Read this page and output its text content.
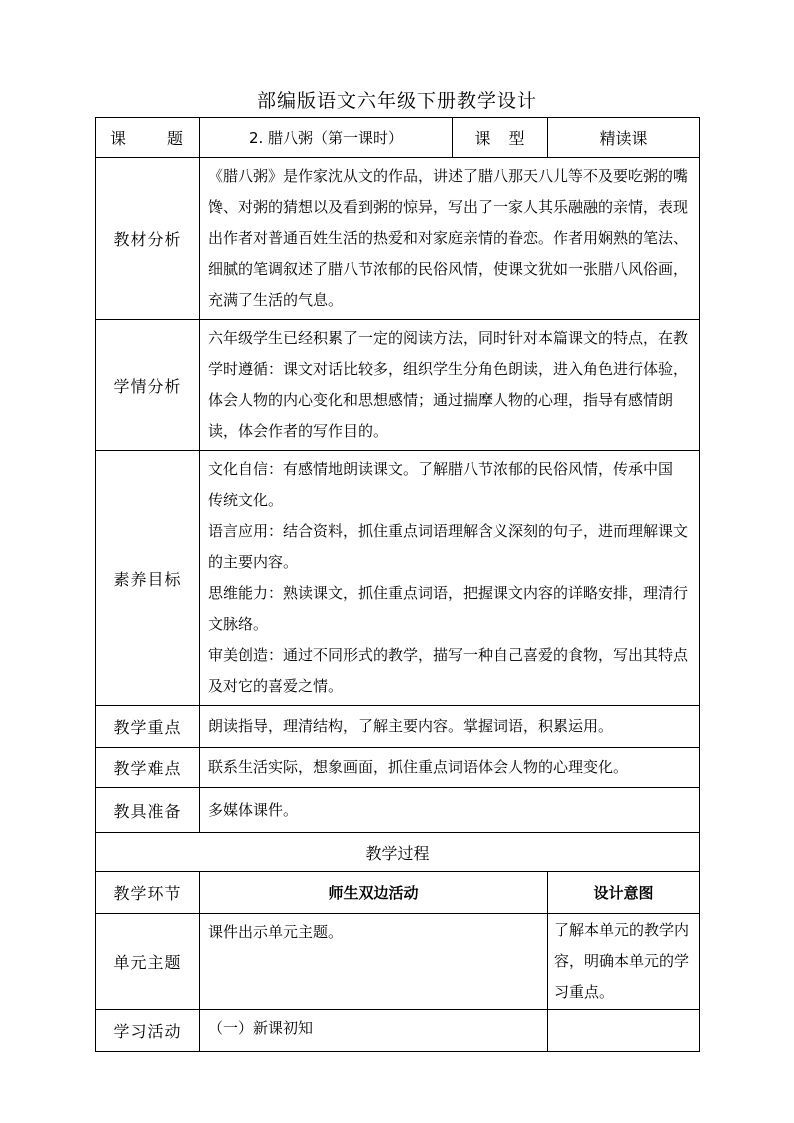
部编版语文六年级下册教学设计
课　　题	2. 腊八粥（第一课时）	课　型	精读课
教材分析	《腊八粥》是作家沈从文的作品，讲述了腊八那天八儿等不及要吃粥的嘴馋、对粥的猜想以及看到粥的惊异，写出了一家人其乐融融的亲情，表现出作者对普通百姓生活的热爱和对家庭亲情的眷恋。作者用娴熟的笔法、细腻的笔调叙述了腊八节浓郁的民俗风情，使课文犹如一张腊八风俗画，充满了生活的气息。		
学情分析	六年级学生已经积累了一定的阅读方法，同时针对本篇课文的特点，在教学时遵循：课文对话比较多，组织学生分角色朗读，进入角色进行体验，体会人物的内心变化和思想感情；通过揣摩人物的心理，指导有感情朗读，体会作者的写作目的。		
素养目标	文化自信：有感情地朗读课文。了解腊八节浓郁的民俗风情，传承中国 传统文化。

语言应用：结合资料，抓住重点词语理解含义深刻的句子，进而理解课文的主要内容。

思维能力：熟读课文，抓住重点词语，把握课文内容的详略安排，理清行文脉络。

审美创造：通过不同形式的教学，描写一种自己喜爱的食物，写出其特点及对它的喜爱之情。		

教学重点	朗读指导，理清结构，了解主要内容。掌握词语，积累运用。		
教学难点	联系生活实际，想象画面，抓住重点词语体会人物的心理变化。		
教具准备	多媒体课件。		
教学过程			
教学环节	师生双边活动		设计意图
单元主题	课件出示单元主题。		了解本单元的教学内容，明确本单元的学习重点。
学习活动	（一）新课初知		
